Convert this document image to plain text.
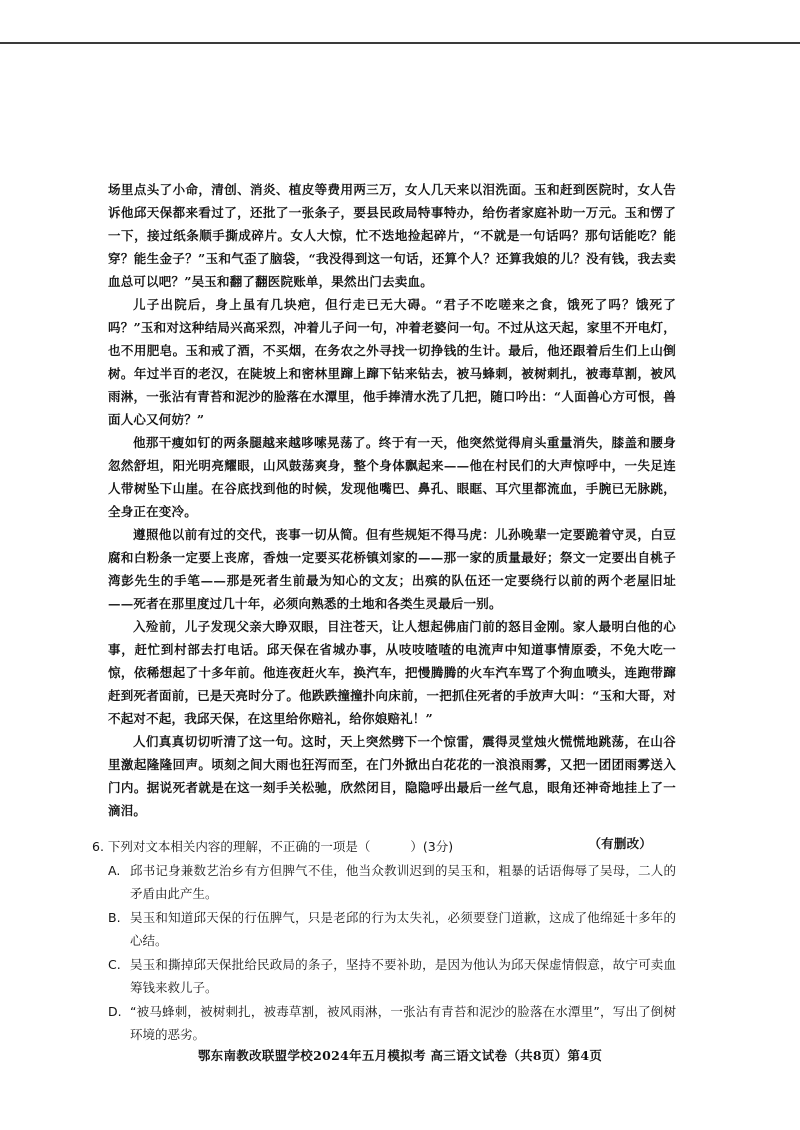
场里点头了小命，清创、消炎、植皮等费用两三万，女人几天来以泪洗面。玉和赶到医院时，女人告诉他邱天保都来看过了，还批了一张条子，要县民政局特事特办，给伤者家庭补助一万元。玉和愣了一下，接过纸条顺手撕成碎片。女人大惊，忙不迭地捡起碎片，“不就是一句话吗？那句话能吃？能穿？能生金子？”玉和气歪了脑袋，“我没得到这一句话，还算个人？还算我娘的儿？没有钱，我去卖血总可以吧？”吴玉和翻了翻医院账单，果然出门去卖血。

儿子出院后，身上虽有几块疤，但行走已无大碍。“君子不吃嗟来之食，饿死了吗？饿死了吗？”玉和对这种结局兴高采烈，冲着儿子问一句，冲着老婆问一句。不过从这天起，家里不开电灯，也不用肥皂。玉和戒了酒，不买烟，在务农之外寻找一切挣钱的生计。最后，他还跟着后生们上山倒树。年过半百的老汉，在陡坡上和密林里蹿上蹿下钻来钻去，被马蜂刺，被树刺扎，被毒草割，被风雨淋，一张沾有青苔和泥沙的脸落在水潭里，他手捧清水洗了几把，随口吟出：“人面兽心方可恨，兽面人心又何妨？”

他那干瘦如钉的两条腿越来越哆嗦晃荡了。终于有一天，他突然觉得肩头重量消失，膝盖和腰身忽然舒坦，阳光明亮耀眼，山风鼓荡爽身，整个身体飘起来——他在村民们的大声惊呼中，一失足连人带树坠下山崖。在谷底找到他的时候，发现他嘴巴、鼻孔、眼眶、耳穴里都流血，手腕已无脉跳，全身正在变冷。

遵照他以前有过的交代，丧事一切从简。但有些规矩不得马虎：儿孙晚辈一定要跪着守灵，白豆腐和白粉条一定要上丧席，香烛一定要买花桥镇刘家的——那一家的质量最好；祭文一定要出自桃子湾彭先生的手笔——那是死者生前最为知心的文友；出殡的队伍还一定要绕行以前的两个老屋旧址——死者在那里度过几十年，必须向熟悉的土地和各类生灵最后一别。

入殓前，儿子发现父亲大睁双眼，目注苍天，让人想起佛庙门前的怒目金刚。家人最明白他的心事，赶忙到村部去打电话。邱天保在省城办事，从吱吱喳喳的电流声中知道事情原委，不免大吃一惊，依稀想起了十多年前。他连夜赶火车，换汽车，把慢腾腾的火车汽车骂了个狗血喷头，连跑带蹿赶到死者面前，已是天亮时分了。他跌跌撞撞扑向床前，一把抓住死者的手放声大叫：“玉和大哥，对不起对不起，我邱天保，在这里给你赔礼，给你娘赔礼！”

人们真真切切听清了这一句。这时，天上突然劈下一个惊雷，震得灵堂烛火慌慌地跳荡，在山谷里激起隆隆回声。顷刻之间大雨也狂泻而至，在门外掀出白花花的一浪浪雨雾，又把一团团雨雾送入门内。据说死者就是在这一刻手关松驰，欣然闭目，隐隐呼出最后一丝气息，眼角还神奇地挂上了一滴泪。

（有删改）

6. 下列对文本相关内容的理解，不正确的一项是（	）(3分)
A. 邱书记身兼数艺治乡有方但脾气不佳，他当众教训迟到的吴玉和，粗暴的话语侮辱了吴母，二人的矛盾由此产生。
B. 吴玉和知道邱天保的行伍脾气，只是老邱的行为太失礼，必须要登门道歉，这成了他绵延十多年的心结。
C. 吴玉和撕掉邱天保批给民政局的条子，坚持不要补助，是因为他认为邱天保虚情假意，故宁可卖血筹钱来救儿子。
D. “被马蜂刺，被树刺扎，被毒草割，被风雨淋，一张沾有青苔和泥沙的脸落在水潭里”，写出了倒树环境的恶劣。
鄂东南教改联盟学校2024年五月模拟考 高三语文试卷（共8页）第4页
